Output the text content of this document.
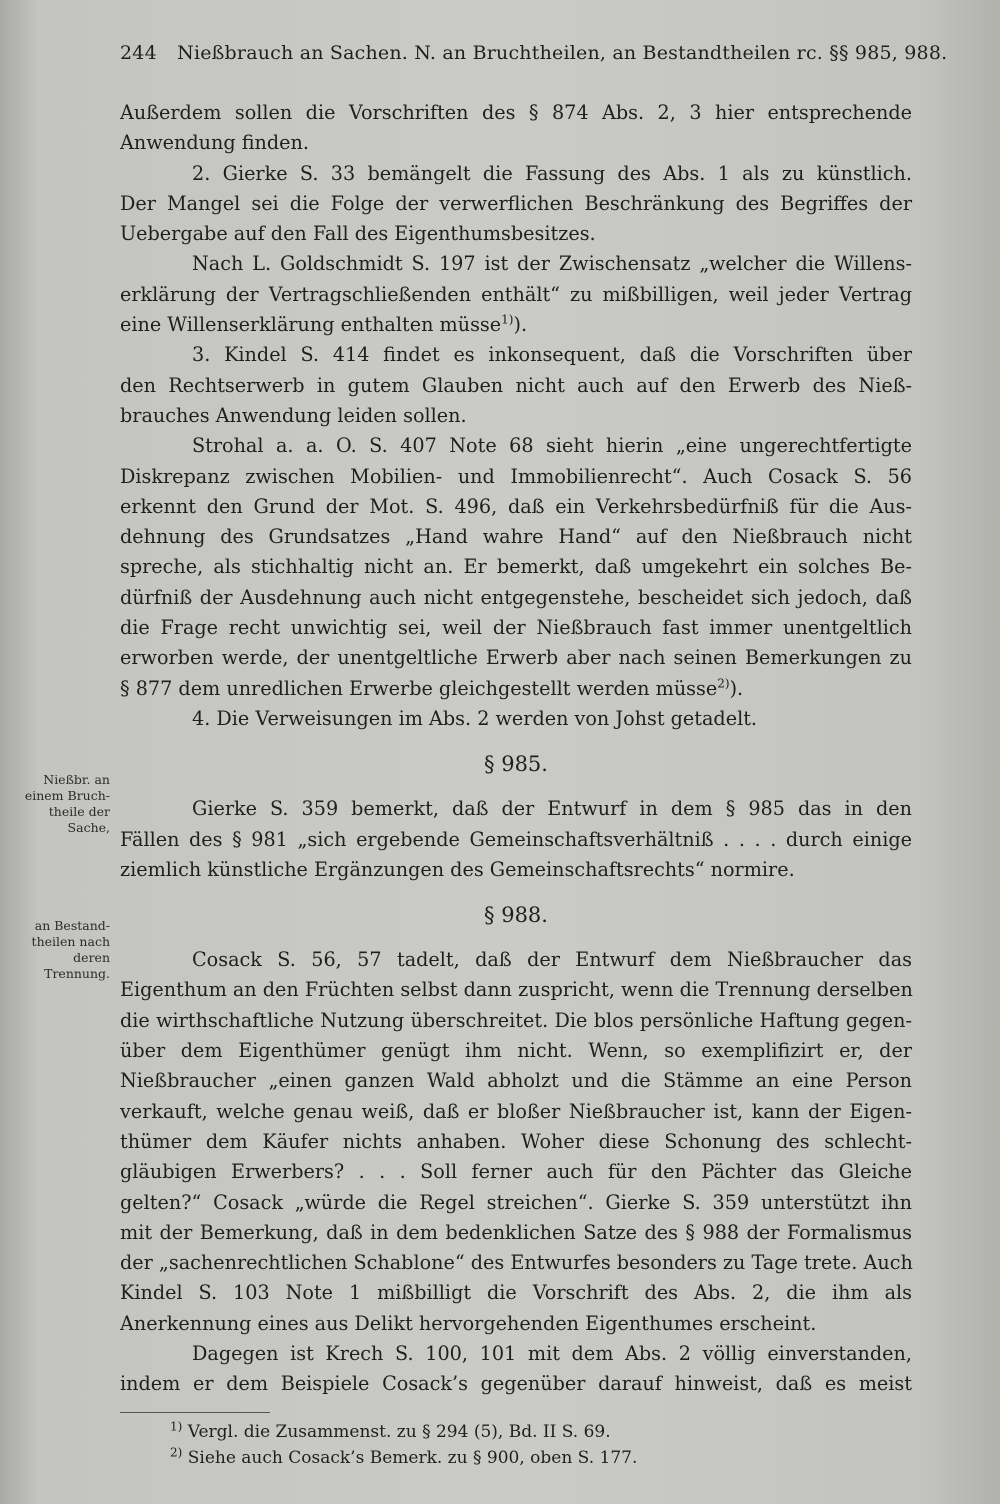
244 Nießbrauch an Sachen. N. an Bruchtheilen, an Bestandtheilen rc. §§ 985, 988.
Nießbr. an einem Bruch-theile der Sache,
an Bestand-theilen nach deren Trennung.
Außerdem sollen die Vorschriften des § 874 Abs. 2, 3 hier entsprechende
Anwendung finden.
2. Gierke S. 33 bemängelt die Fassung des Abs. 1 als zu künstlich.
Der Mangel sei die Folge der verwerflichen Beschränkung des Begriffes der
Uebergabe auf den Fall des Eigenthumsbesitzes.
Nach L. Goldschmidt S. 197 ist der Zwischensatz „welcher die Willens-
erklärung der Vertragschließenden enthält“ zu mißbilligen, weil jeder Vertrag
eine Willenserklärung enthalten müsse$^{1)}$).
3. Kindel S. 414 findet es inkonsequent, daß die Vorschriften über
den Rechtserwerb in gutem Glauben nicht auch auf den Erwerb des Nieß-
brauches Anwendung leiden sollen.
Strohal a. a. O. S. 407 Note 68 sieht hierin „eine ungerechtfertigte
Diskrepanz zwischen Mobilien- und Immobilienrecht“. Auch Cosack S. 56
erkennt den Grund der Mot. S. 496, daß ein Verkehrsbedürfniß für die Aus-
dehnung des Grundsatzes „Hand wahre Hand“ auf den Nießbrauch nicht
spreche, als stichhaltig nicht an. Er bemerkt, daß umgekehrt ein solches Be-
dürfniß der Ausdehnung auch nicht entgegenstehe, bescheidet sich jedoch, daß
die Frage recht unwichtig sei, weil der Nießbrauch fast immer unentgeltlich
erworben werde, der unentgeltliche Erwerb aber nach seinen Bemerkungen zu
§ 877 dem unredlichen Erwerbe gleichgestellt werden müsse$^{2)}$).
4. Die Verweisungen im Abs. 2 werden von Johst getadelt.
§ 985.
Gierke S. 359 bemerkt, daß der Entwurf in dem § 985 das in den
Fällen des § 981 „sich ergebende Gemeinschaftsverhältniß . . . . durch einige
ziemlich künstliche Ergänzungen des Gemeinschaftsrechts“ normire.
§ 988.
Cosack S. 56, 57 tadelt, daß der Entwurf dem Nießbraucher das
Eigenthum an den Früchten selbst dann zuspricht, wenn die Trennung derselben
die wirthschaftliche Nutzung überschreitet. Die blos persönliche Haftung gegen-
über dem Eigenthümer genügt ihm nicht. Wenn, so exemplifizirt er, der
Nießbraucher „einen ganzen Wald abholzt und die Stämme an eine Person
verkauft, welche genau weiß, daß er bloßer Nießbraucher ist, kann der Eigen-
thümer dem Käufer nichts anhaben. Woher diese Schonung des schlecht-
gläubigen Erwerbers? . . . Soll ferner auch für den Pächter das Gleiche
gelten?“ Cosack „würde die Regel streichen“. Gierke S. 359 unterstützt ihn
mit der Bemerkung, daß in dem bedenklichen Satze des § 988 der Formalismus
der „sachenrechtlichen Schablone“ des Entwurfes besonders zu Tage trete. Auch
Kindel S. 103 Note 1 mißbilligt die Vorschrift des Abs. 2, die ihm als
Anerkennung eines aus Delikt hervorgehenden Eigenthumes erscheint.
Dagegen ist Krech S. 100, 101 mit dem Abs. 2 völlig einverstanden,
indem er dem Beispiele Cosack’s gegenüber darauf hinweist, daß es meist
$^{1)}$ Vergl. die Zusammenst. zu § 294 (5), Bd. II S. 69.
$^{2)}$ Siehe auch Cosack’s Bemerk. zu § 900, oben S. 177.
